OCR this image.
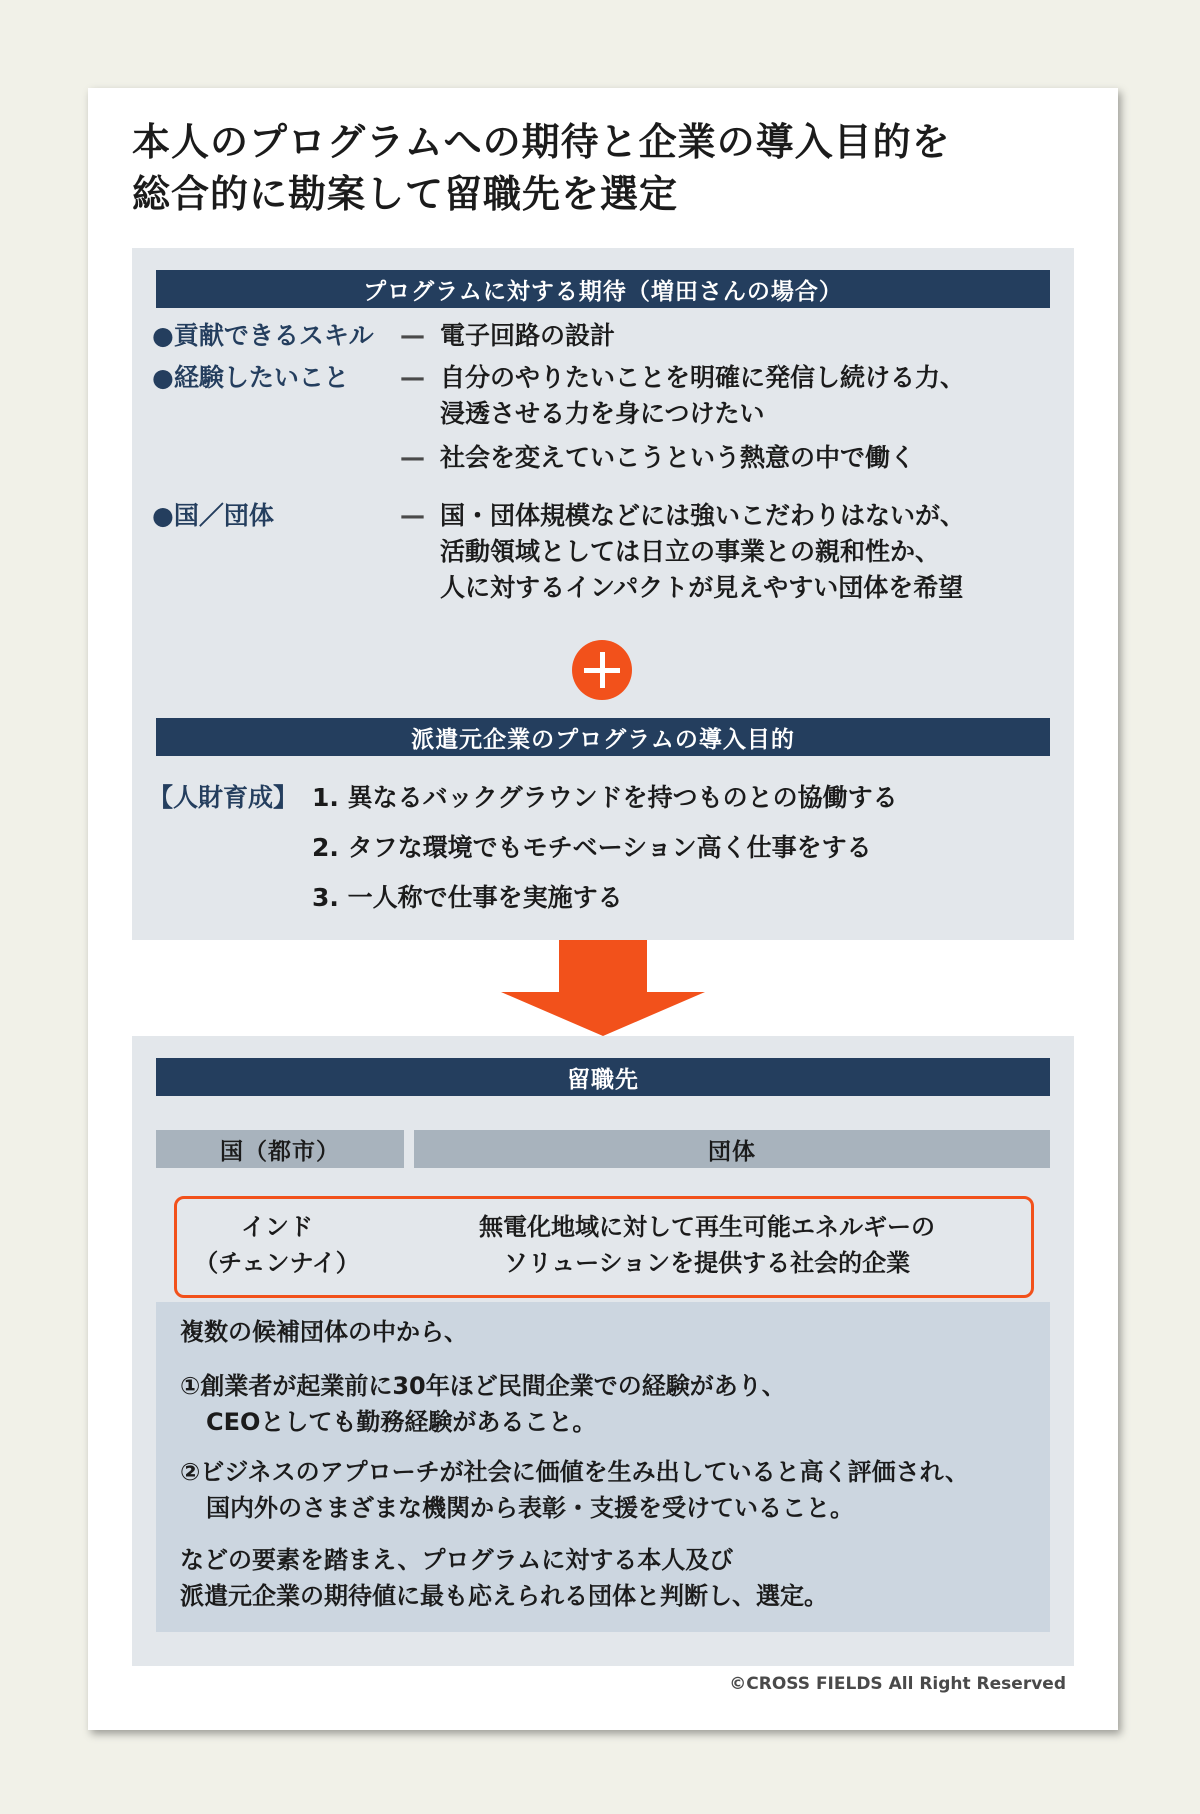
本人のプログラムへの期待と企業の導入目的を
総合的に勘案して留職先を選定
プログラムに対する期待（増田さんの場合）
●貢献できるスキル — 電子回路の設計
●経験したいこと — 自分のやりたいことを明確に発信し続ける力、
浸透させる力を身につけたい
— 社会を変えていこうという熱意の中で働く
●国／団体	— 国・団体規模などには強いこだわりはないが、
活動領域としては日立の事業との親和性か、
人に対するインパクトが見えやすい団体を希望
派遣元企業のプログラムの導入目的
【人財育成】 1. 異なるバックグラウンドを持つものとの協働する
2. タフな環境でもモチベーション高く仕事をする
3. 一人称で仕事を実施する
留職先
国（都市）	団体
インド
（チェンナイ）
無電化地域に対して再生可能エネルギーの
ソリューションを提供する社会的企業
複数の候補団体の中から、
①創業者が起業前に30年ほど民間企業での経験があり、
CEOとしても勤務経験があること。
②ビジネスのアプローチが社会に価値を生み出していると高く評価され、
国内外のさまざまな機関から表彰・支援を受けていること。
などの要素を踏まえ、プログラムに対する本人及び
派遣元企業の期待値に最も応えられる団体と判断し、選定。
©CROSS FIELDS All Right Reserved
